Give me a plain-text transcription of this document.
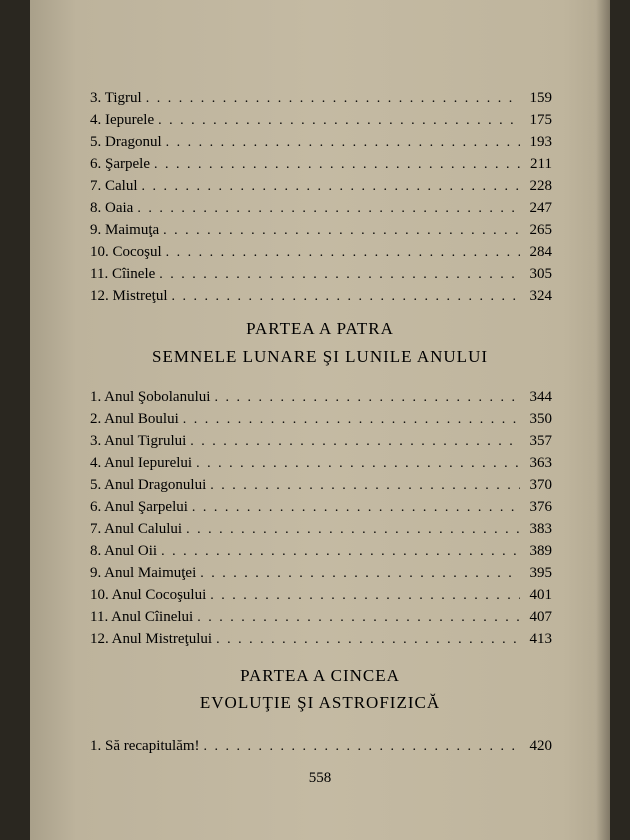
3. Tigrul . . .	159
4. Iepurele . . .	175
5. Dragonul . . .	193
6. Şarpele . . .	211
7. Calul . . .	228
8. Oaia . . .	247
9. Maimuţa . . .	265
10. Cocoşul . . .	284
11. Cîinele . . .	305
12. Mistreţul . . .	324
PARTEA A PATRA
SEMNELE LUNARE ŞI LUNILE ANULUI
1. Anul Şobolanului . . .	344
2. Anul Boului . . .	350
3. Anul Tigrului . . .	357
4. Anul Iepurelui . . .	363
5. Anul Dragonului . . .	370
6. Anul Şarpelui . . .	376
7. Anul Calului . . .	383
8. Anul Oii . . .	389
9. Anul Maimuţei . . .	395
10. Anul Cocoşului . . .	401
11. Anul Cîinelui . . .	407
12. Anul Mistreţului . . .	413
PARTEA A CINCEA
EVOLUŢIE ŞI ASTROFIZICĂ
1. Să recapitulăm! . . .	420
558
